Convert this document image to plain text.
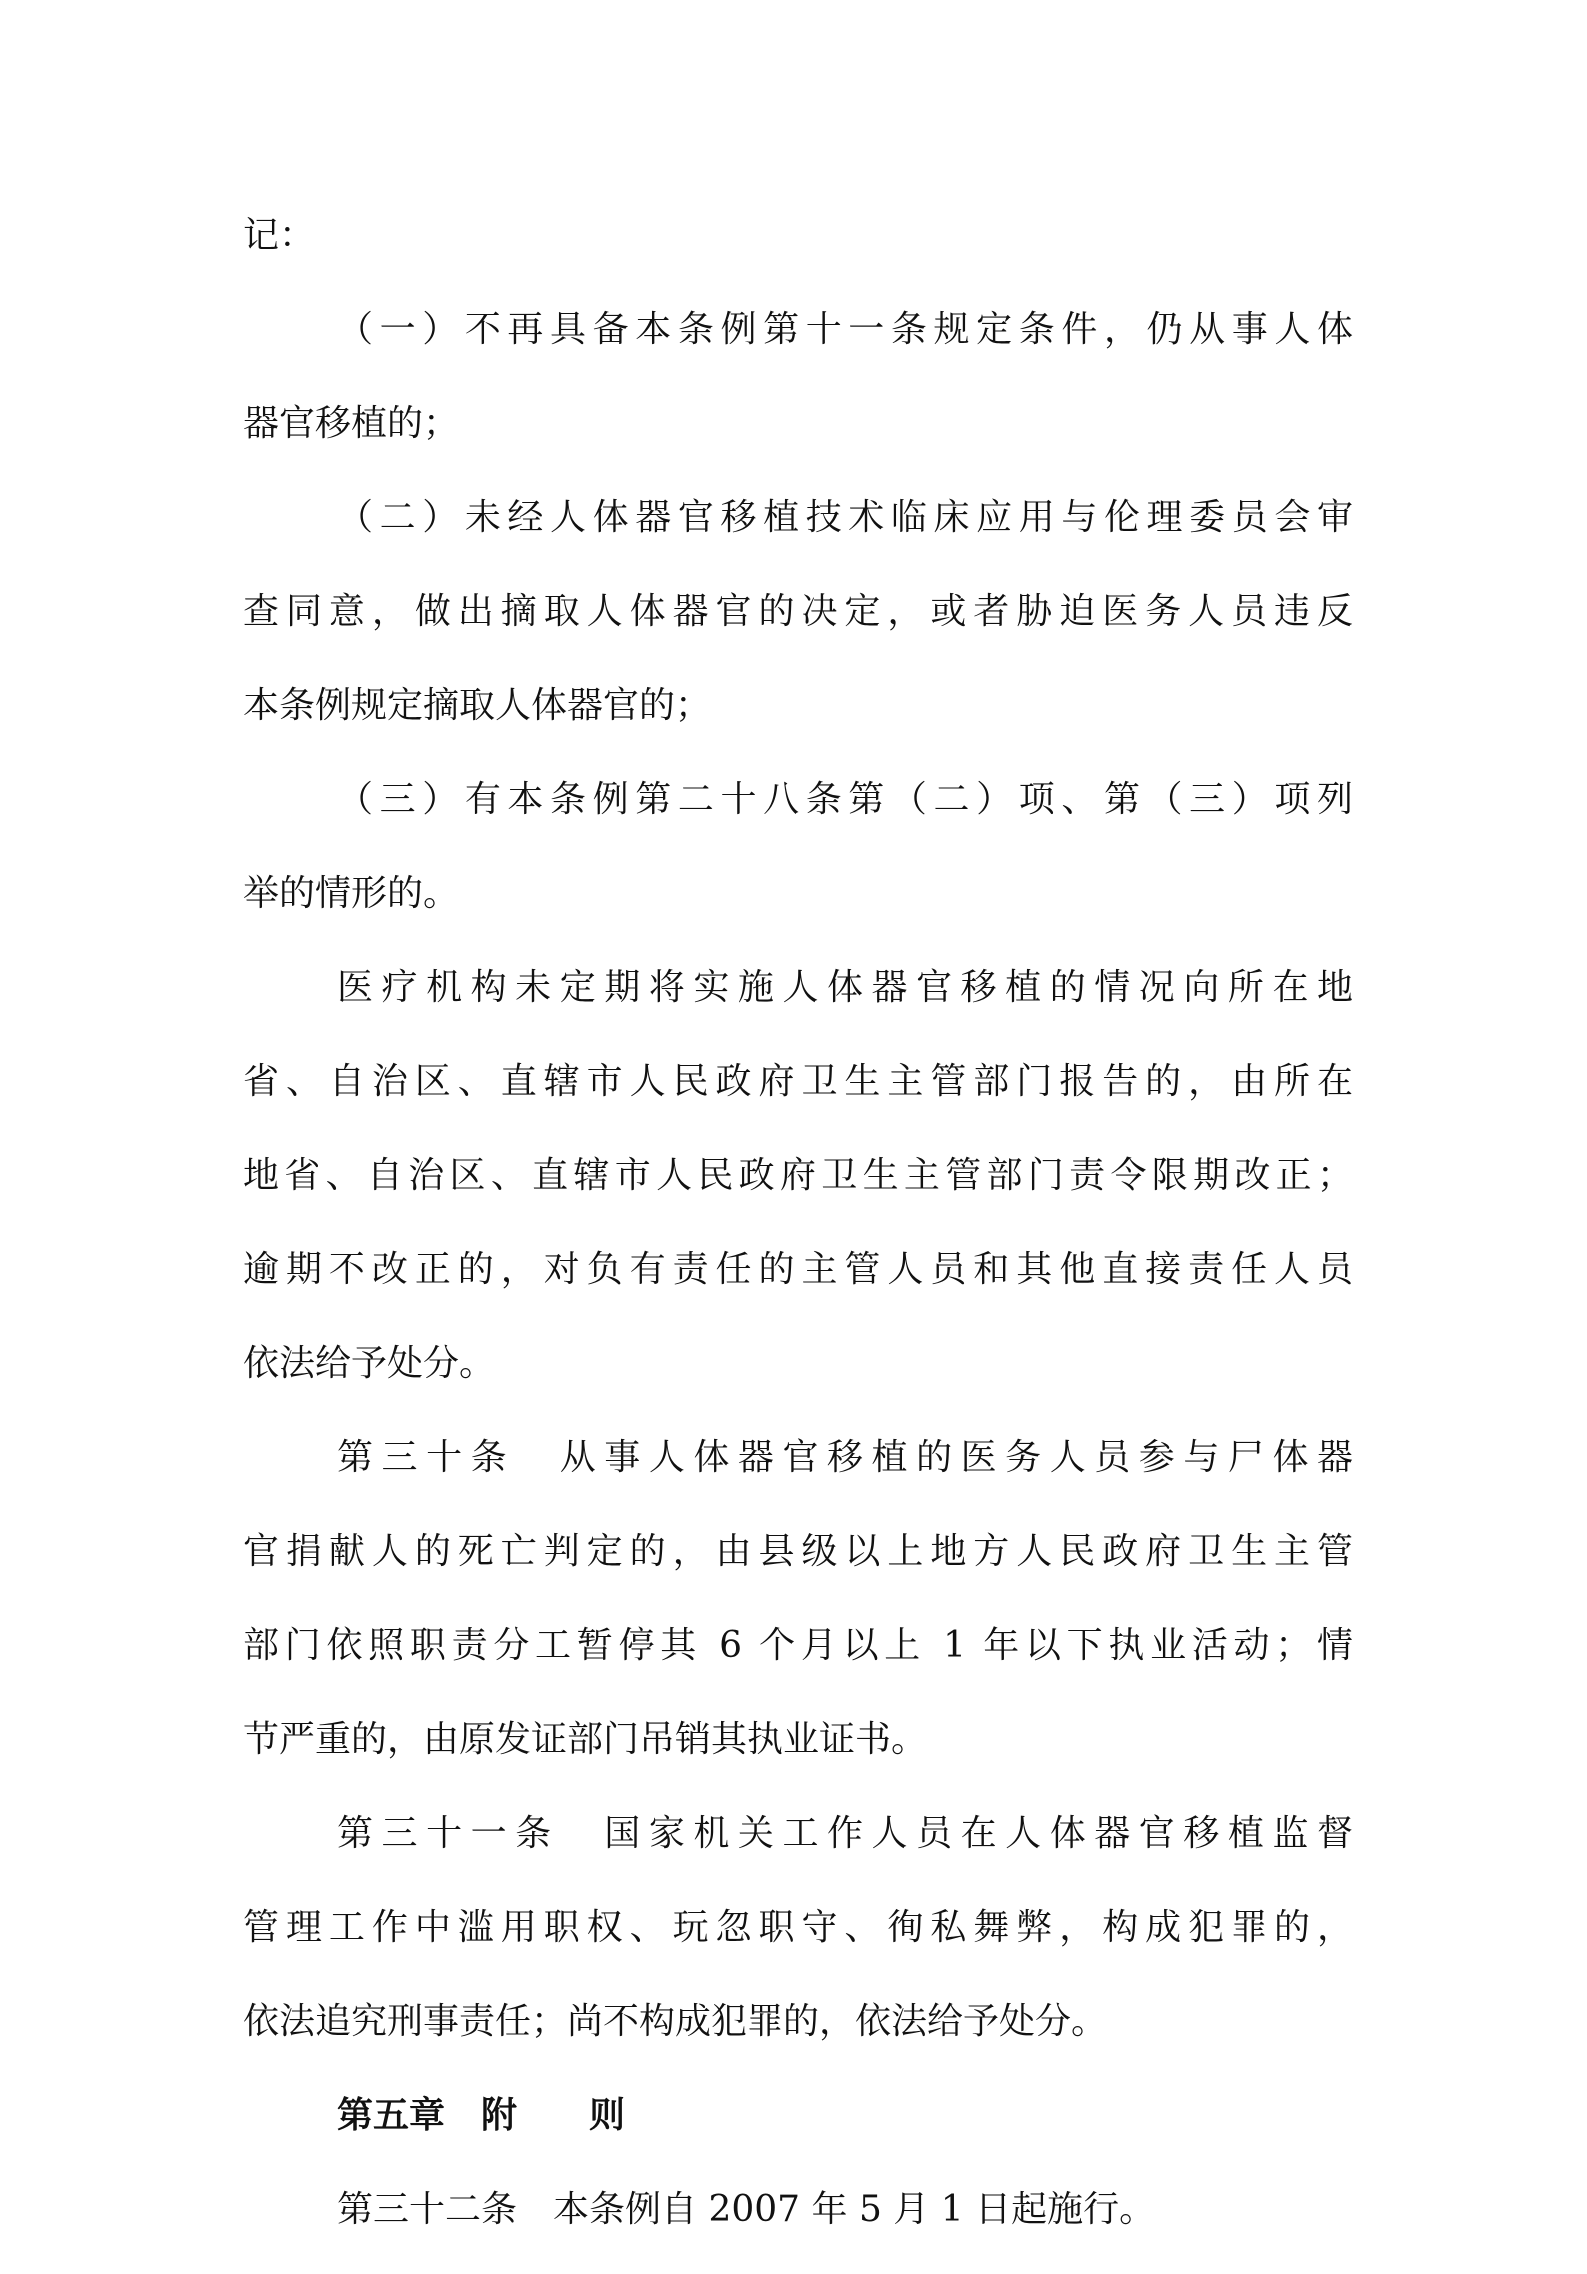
记：
（一）不再具备本条例第十一条规定条件，仍从事人体
器官移植的；
（二）未经人体器官移植技术临床应用与伦理委员会审
查同意，做出摘取人体器官的决定，或者胁迫医务人员违反
本条例规定摘取人体器官的；
（三）有本条例第二十八条第（二）项、第（三）项列
举的情形的。
医疗机构未定期将实施人体器官移植的情况向所在地
省、自治区、直辖市人民政府卫生主管部门报告的，由所在
地省、自治区、直辖市人民政府卫生主管部门责令限期改正；
逾期不改正的，对负有责任的主管人员和其他直接责任人员
依法给予处分。
第三十条　从事人体器官移植的医务人员参与尸体器
官捐献人的死亡判定的，由县级以上地方人民政府卫生主管
部门依照职责分工暂停其 6 个月以上 1 年以下执业活动；情
节严重的，由原发证部门吊销其执业证书。
第三十一条　国家机关工作人员在人体器官移植监督
管理工作中滥用职权、玩忽职守、徇私舞弊，构成犯罪的，
依法追究刑事责任；尚不构成犯罪的，依法给予处分。
第五章　附　　则
第三十二条　本条例自 2007 年 5 月 1 日起施行。
